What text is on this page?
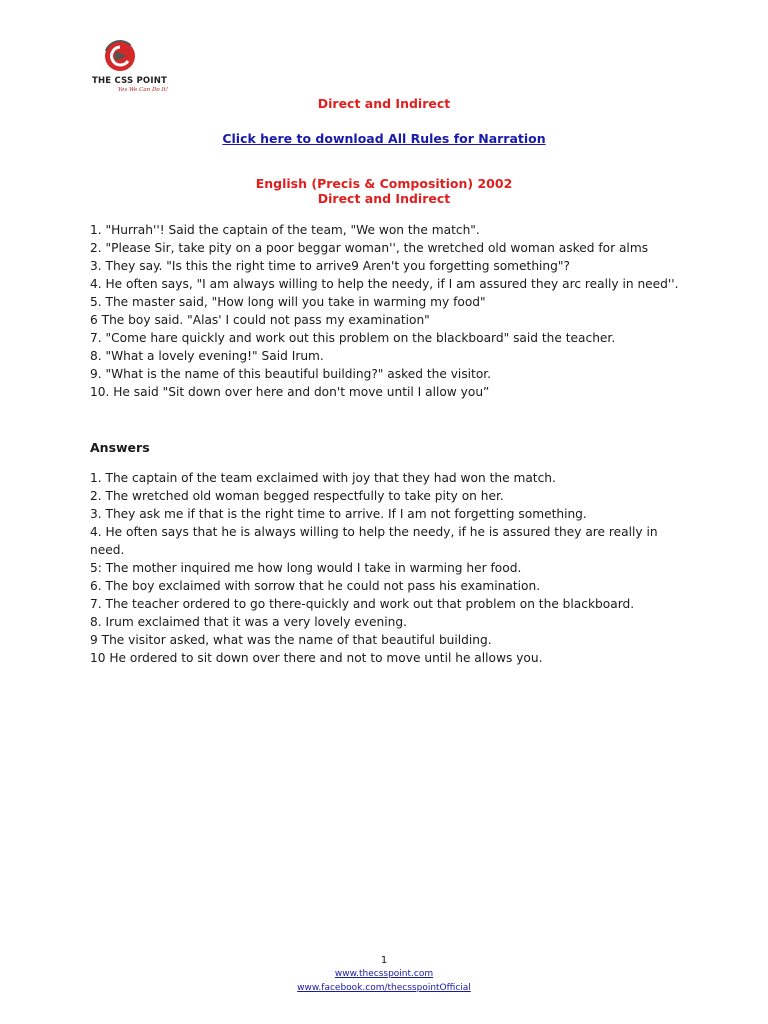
THE CSS POINT
Yes We Can Do It!
Direct and Indirect
Click here to download All Rules for Narration
English (Precis & Composition) 2002
Direct and Indirect
1. "Hurrah''! Said the captain of the team, "We won the match".
2. "Please Sir, take pity on a poor beggar woman'', the wretched old woman asked for alms
3. They say. "Is this the right time to arrive9 Aren't you forgetting something"?
4. He often says, "I am always willing to help the needy, if I am assured they arc really in need''.
5. The master said, "How long will you take in warming my food"
6 The boy said. "Alas' I could not pass my examination"
7. "Come hare quickly and work out this problem on the blackboard" said the teacher.
8. "What a lovely evening!" Said Irum.
9. "What is the name of this beautiful building?" asked the visitor.
10. He said "Sit down over here and don't move until I allow you”
Answers
1. The captain of the team exclaimed with joy that they had won the match.
2. The wretched old woman begged respectfully to take pity on her.
3. They ask me if that is the right time to arrive. If I am not forgetting something.
4. He often says that he is always willing to help the needy, if he is assured they are really in need.
5: The mother inquired me how long would I take in warming her food.
6. The boy exclaimed with sorrow that he could not pass his examination.
7. The teacher ordered to go there-quickly and work out that problem on the blackboard.
8. Irum exclaimed that it was a very lovely evening.
9 The visitor asked, what was the name of that beautiful building.
10 He ordered to sit down over there and not to move until he allows you.
1
www.thecsspoint.com
www.facebook.com/thecsspointOfficial
